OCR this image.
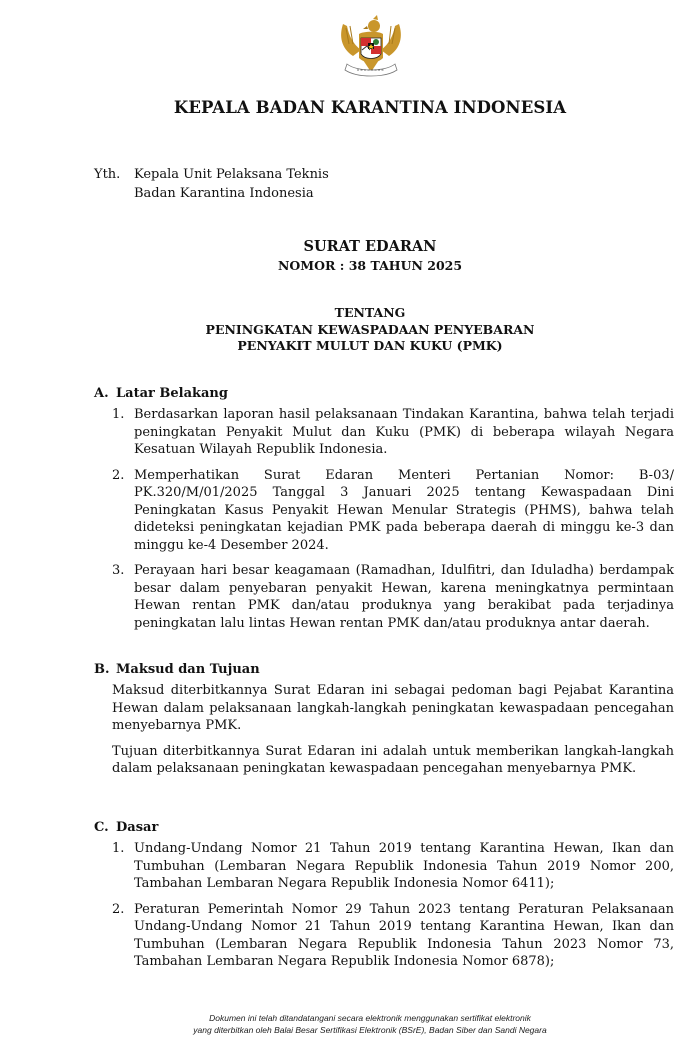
KEPALA BADAN KARANTINA INDONESIA
Yth. Kepala Unit Pelaksana Teknis
Badan Karantina Indonesia
SURAT EDARAN
NOMOR : 38 TAHUN 2025
TENTANG
PENINGKATAN KEWASPADAAN PENYEBARAN
PENYAKIT MULUT DAN KUKU (PMK)
A. Latar Belakang
1. Berdasarkan laporan hasil pelaksanaan Tindakan Karantina, bahwa telah terjadi peningkatan Penyakit Mulut dan Kuku (PMK) di beberapa wilayah Negara Kesatuan Wilayah Republik Indonesia.
2. Memperhatikan Surat Edaran Menteri Pertanian Nomor: B-03/ PK.320/M/01/2025 Tanggal 3 Januari 2025 tentang Kewaspadaan Dini Peningkatan Kasus Penyakit Hewan Menular Strategis (PHMS), bahwa telah dideteksi peningkatan kejadian PMK pada beberapa daerah di minggu ke-3 dan minggu ke-4 Desember 2024.
3. Perayaan hari besar keagamaan (Ramadhan, Idulfitri, dan Iduladha) berdampak besar dalam penyebaran penyakit Hewan, karena meningkatnya permintaan Hewan rentan PMK dan/atau produknya yang berakibat pada terjadinya peningkatan lalu lintas Hewan rentan PMK dan/atau produknya antar daerah.
B. Maksud dan Tujuan

Maksud diterbitkannya Surat Edaran ini sebagai pedoman bagi Pejabat Karantina Hewan dalam pelaksanaan langkah-langkah peningkatan kewaspadaan pencegahan menyebarnya PMK.

Tujuan diterbitkannya Surat Edaran ini adalah untuk memberikan langkah-langkah dalam pelaksanaan peningkatan kewaspadaan pencegahan menyebarnya PMK.

C. Dasar
1. Undang-Undang Nomor 21 Tahun 2019 tentang Karantina Hewan, Ikan dan Tumbuhan (Lembaran Negara Republik Indonesia Tahun 2019 Nomor 200, Tambahan Lembaran Negara Republik Indonesia Nomor 6411);
2. Peraturan Pemerintah Nomor 29 Tahun 2023 tentang Peraturan Pelaksanaan Undang-Undang Nomor 21 Tahun 2019 tentang Karantina Hewan, Ikan dan Tumbuhan (Lembaran Negara Republik Indonesia Tahun 2023 Nomor 73, Tambahan Lembaran Negara Republik Indonesia Nomor 6878);
Dokumen ini telah ditandatangani secara elektronik menggunakan sertifikat elektronik
yang diterbitkan oleh Balai Besar Sertifikasi Elektronik (BSrE), Badan Siber dan Sandi Negara
